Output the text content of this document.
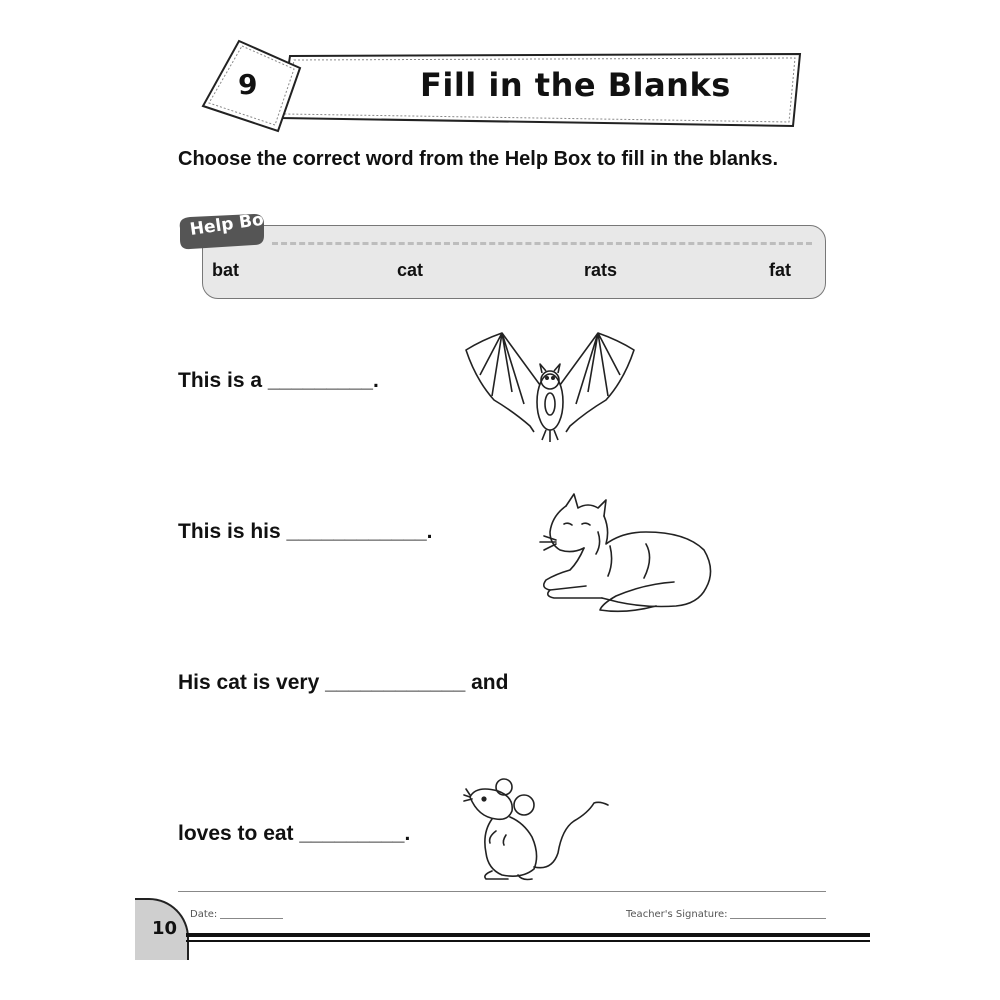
9	Fill in the Blanks
Choose the correct word from the Help Box to fill in the blanks.
Help Box
bat	cat	rats	fat
This is a _________.
This is his ____________.
His cat is very ____________ and
loves to eat _________.
10
Date:	Teacher's Signature:
